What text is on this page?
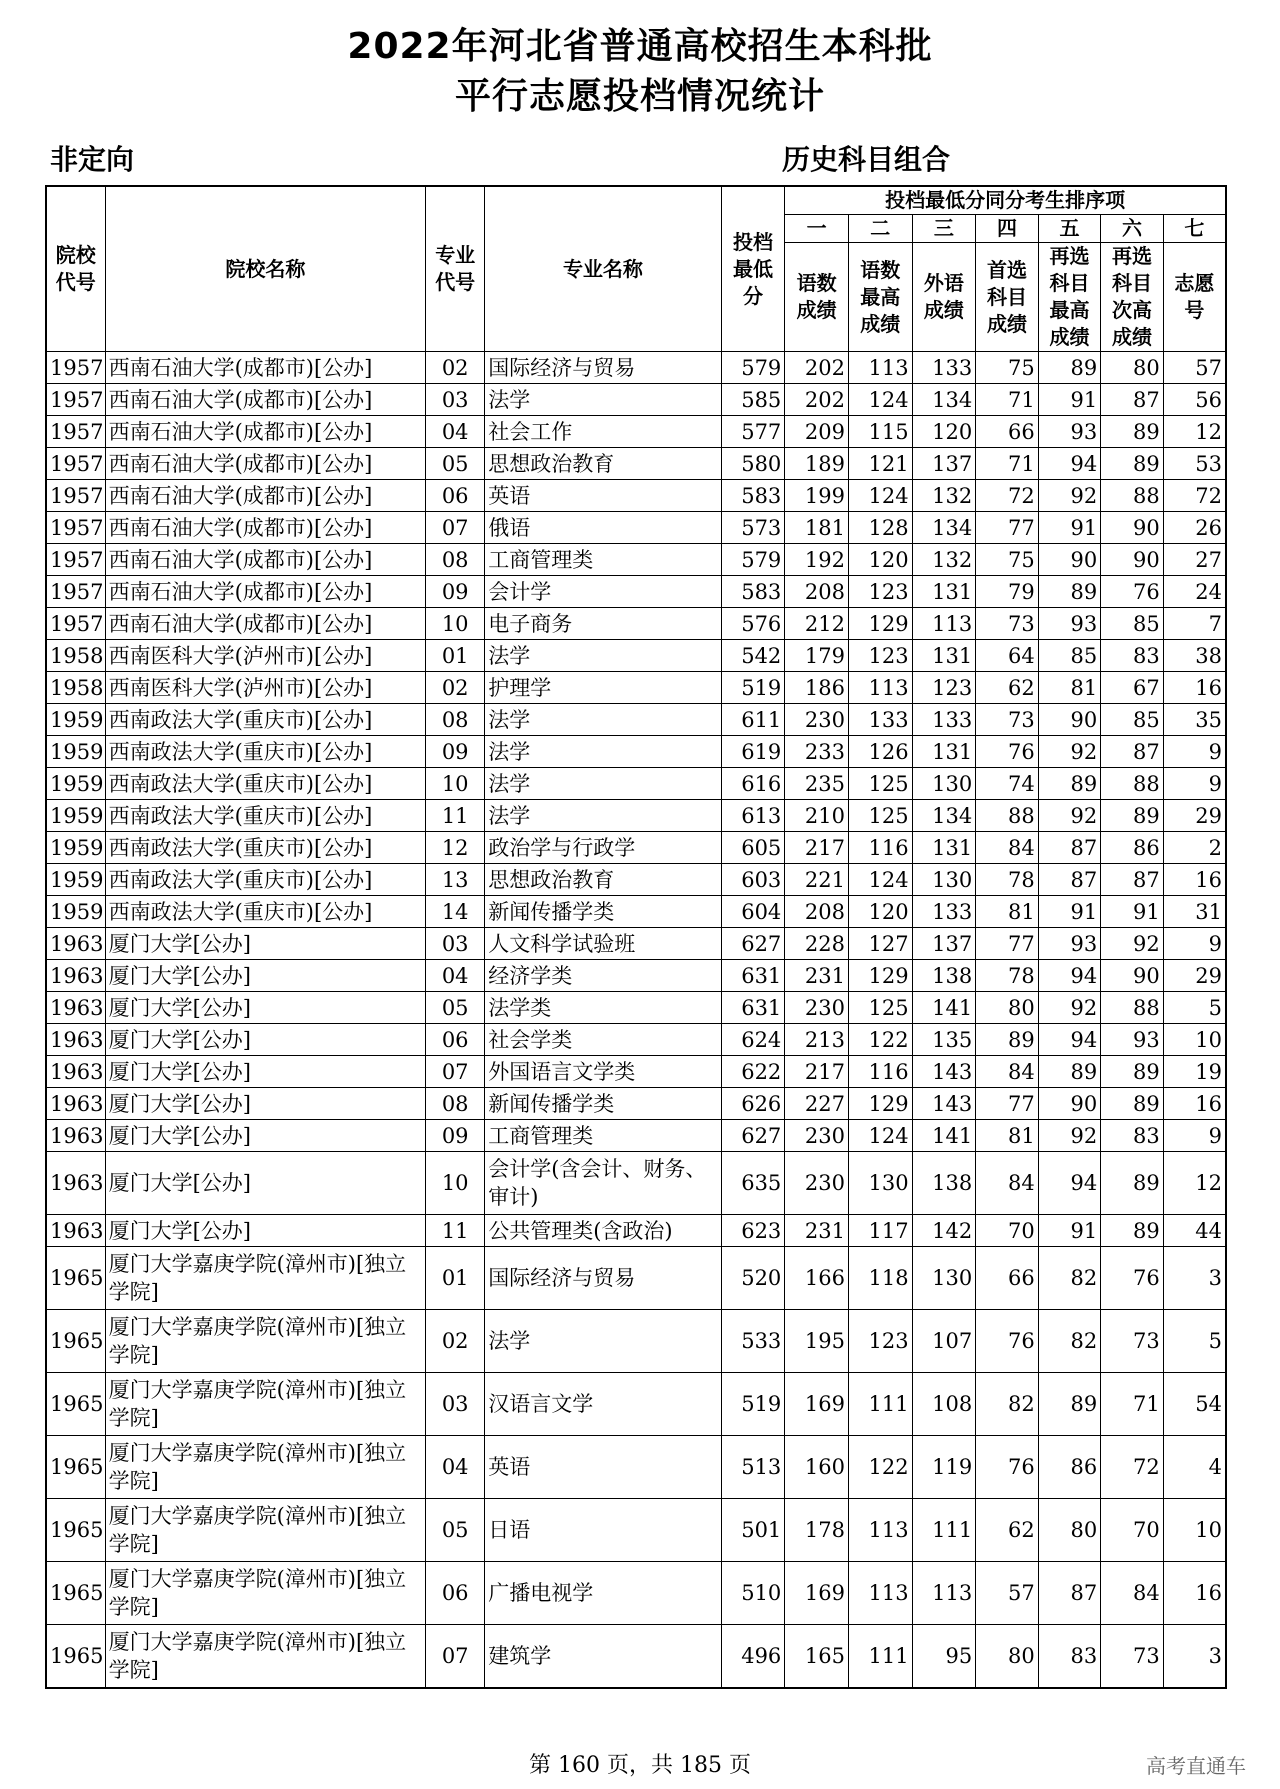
2022年河北省普通高校招生本科批
平行志愿投档情况统计
非定向	历史科目组合
院校代号	院校名称	专业代号	专业名称	投档最低分	投档最低分同分考生排序项						
					一	二	三	四	五	六	七
					语数成绩	语数最高成绩	外语成绩	首选科目成绩	再选科目最高成绩	再选科目次高成绩	志愿号
1957	西南石油大学(成都市)[公办]	02	国际经济与贸易	579	202	113	133	75	89	80	57
1957	西南石油大学(成都市)[公办]	03	法学	585	202	124	134	71	91	87	56
1957	西南石油大学(成都市)[公办]	04	社会工作	577	209	115	120	66	93	89	12
1957	西南石油大学(成都市)[公办]	05	思想政治教育	580	189	121	137	71	94	89	53
1957	西南石油大学(成都市)[公办]	06	英语	583	199	124	132	72	92	88	72
1957	西南石油大学(成都市)[公办]	07	俄语	573	181	128	134	77	91	90	26
1957	西南石油大学(成都市)[公办]	08	工商管理类	579	192	120	132	75	90	90	27
1957	西南石油大学(成都市)[公办]	09	会计学	583	208	123	131	79	89	76	24
1957	西南石油大学(成都市)[公办]	10	电子商务	576	212	129	113	73	93	85	7
1958	西南医科大学(泸州市)[公办]	01	法学	542	179	123	131	64	85	83	38
1958	西南医科大学(泸州市)[公办]	02	护理学	519	186	113	123	62	81	67	16
1959	西南政法大学(重庆市)[公办]	08	法学	611	230	133	133	73	90	85	35
1959	西南政法大学(重庆市)[公办]	09	法学	619	233	126	131	76	92	87	9
1959	西南政法大学(重庆市)[公办]	10	法学	616	235	125	130	74	89	88	9
1959	西南政法大学(重庆市)[公办]	11	法学	613	210	125	134	88	92	89	29
1959	西南政法大学(重庆市)[公办]	12	政治学与行政学	605	217	116	131	84	87	86	2
1959	西南政法大学(重庆市)[公办]	13	思想政治教育	603	221	124	130	78	87	87	16
1959	西南政法大学(重庆市)[公办]	14	新闻传播学类	604	208	120	133	81	91	91	31
1963	厦门大学[公办]	03	人文科学试验班	627	228	127	137	77	93	92	9
1963	厦门大学[公办]	04	经济学类	631	231	129	138	78	94	90	29
1963	厦门大学[公办]	05	法学类	631	230	125	141	80	92	88	5
1963	厦门大学[公办]	06	社会学类	624	213	122	135	89	94	93	10
1963	厦门大学[公办]	07	外国语言文学类	622	217	116	143	84	89	89	19
1963	厦门大学[公办]	08	新闻传播学类	626	227	129	143	77	90	89	16
1963	厦门大学[公办]	09	工商管理类	627	230	124	141	81	92	83	9
1963	厦门大学[公办]	10	会计学(含会计、财务、审计)	635	230	130	138	84	94	89	12
1963	厦门大学[公办]	11	公共管理类(含政治)	623	231	117	142	70	91	89	44
1965	厦门大学嘉庚学院(漳州市)[独立学院]	01	国际经济与贸易	520	166	118	130	66	82	76	3
1965	厦门大学嘉庚学院(漳州市)[独立学院]	02	法学	533	195	123	107	76	82	73	5
1965	厦门大学嘉庚学院(漳州市)[独立学院]	03	汉语言文学	519	169	111	108	82	89	71	54
1965	厦门大学嘉庚学院(漳州市)[独立学院]	04	英语	513	160	122	119	76	86	72	4
1965	厦门大学嘉庚学院(漳州市)[独立学院]	05	日语	501	178	113	111	62	80	70	10
1965	厦门大学嘉庚学院(漳州市)[独立学院]	06	广播电视学	510	169	113	113	57	87	84	16
1965	厦门大学嘉庚学院(漳州市)[独立学院]	07	建筑学	496	165	111	95	80	83	73	3
第 160 页，共 185 页	高考直通车
